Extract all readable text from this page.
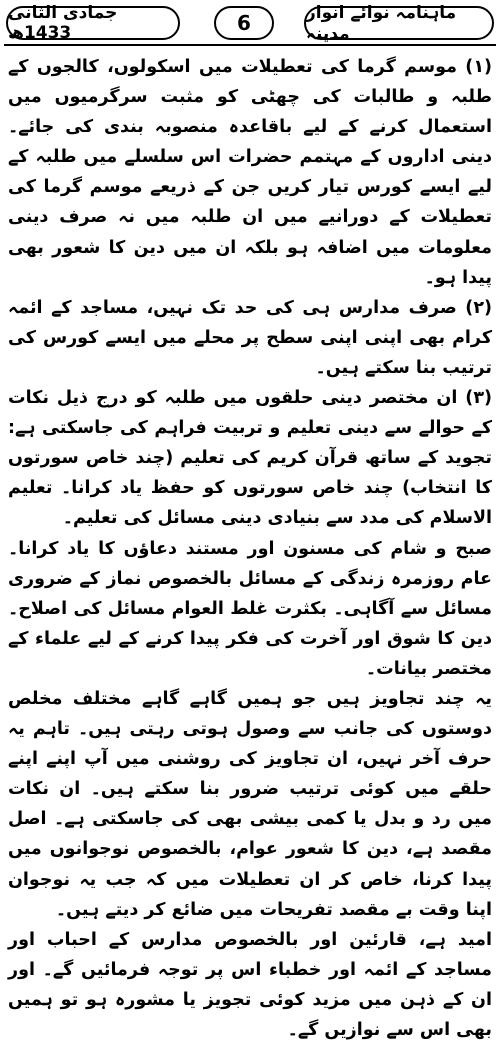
جمادی الثانی 1433ھ	6	ماہنامہ نوائے انوار مدینہ

(۱) موسم گرما کی تعطیلات میں اسکولوں، کالجوں کے طلبہ و طالبات کی چھٹی کو مثبت سرگرمیوں میں استعمال کرنے کے لیے باقاعدہ منصوبہ بندی کی جائے۔ دینی اداروں کے مہتمم حضرات اس سلسلے میں طلبہ کے لیے ایسے کورس تیار کریں جن کے ذریعے موسم گرما کی تعطیلات کے دورانیے میں ان طلبہ میں نہ صرف دینی معلومات میں اضافہ ہو بلکہ ان میں دین کا شعور بھی پیدا ہو۔

(۲) صرف مدارس ہی کی حد تک نہیں، مساجد کے ائمہ کرام بھی اپنی اپنی سطح پر محلے میں ایسے کورس کی ترتیب بنا سکتے ہیں۔

(۳) ان مختصر دینی حلقوں میں طلبہ کو درج ذیل نکات کے حوالے سے دینی تعلیم و تربیت فراہم کی جاسکتی ہے: تجوید کے ساتھ قرآن کریم کی تعلیم (چند خاص سورتوں کا انتخاب) چند خاص سورتوں کو حفظ یاد کرانا۔ تعلیم الاسلام کی مدد سے بنیادی دینی مسائل کی تعلیم۔

صبح و شام کی مسنون اور مستند دعاؤں کا یاد کرانا۔ عام روزمرہ زندگی کے مسائل بالخصوص نماز کے ضروری مسائل سے آگاہی۔ بکثرت غلط العوام مسائل کی اصلاح۔ دین کا شوق اور آخرت کی فکر پیدا کرنے کے لیے علماء کے مختصر بیانات۔

یہ چند تجاویز ہیں جو ہمیں گاہے گاہے مختلف مخلص دوستوں کی جانب سے وصول ہوتی رہتی ہیں۔ تاہم یہ حرف آخر نہیں، ان تجاویز کی روشنی میں آپ اپنے اپنے حلقے میں کوئی ترتیب ضرور بنا سکتے ہیں۔ ان نکات میں رد و بدل یا کمی بیشی بھی کی جاسکتی ہے۔ اصل مقصد ہے، دین کا شعور عوام، بالخصوص نوجوانوں میں پیدا کرنا، خاص کر ان تعطیلات میں کہ جب یہ نوجوان اپنا وقت بے مقصد تفریحات میں ضائع کر دیتے ہیں۔

امید ہے، قارئین اور بالخصوص مدارس کے احباب اور مساجد کے ائمہ اور خطباء اس پر توجہ فرمائیں گے۔ اور ان کے ذہن میں مزید کوئی تجویز یا مشورہ ہو تو ہمیں بھی اس سے نوازیں گے۔
